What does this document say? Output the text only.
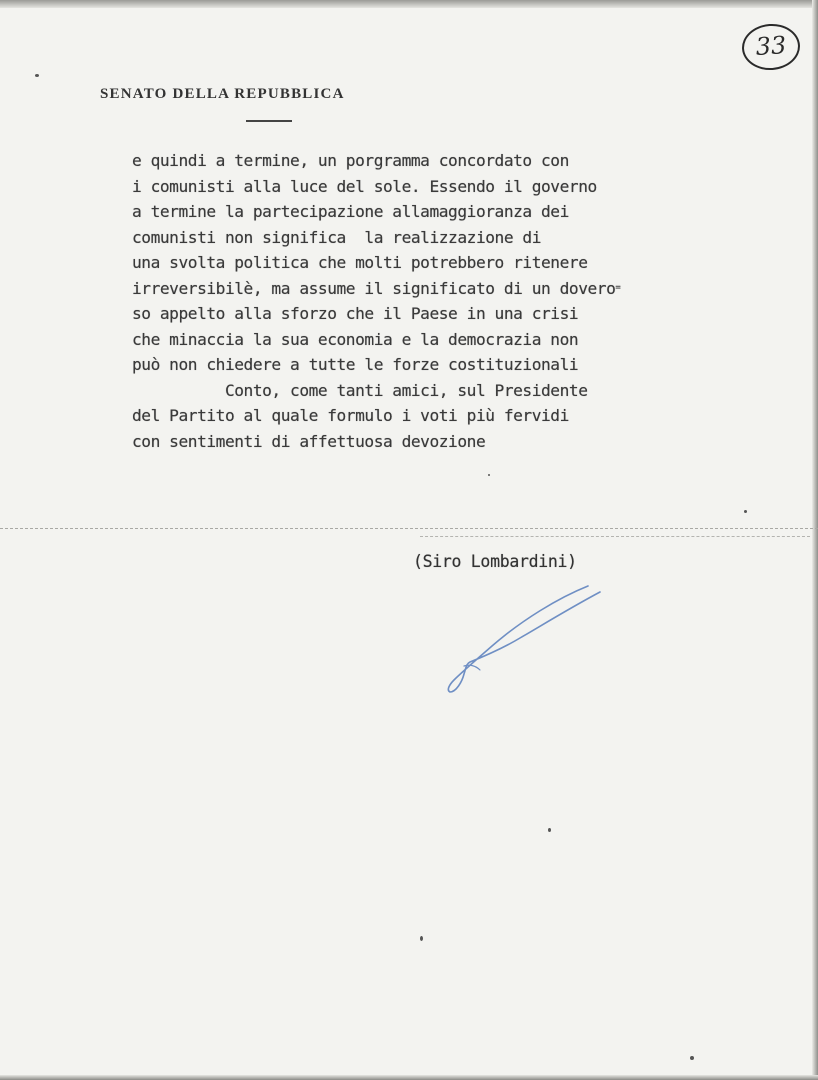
33
SENATO DELLA REPUBBLICA
e quindi a termine, un porgramma concordato con
i comunisti alla luce del sole. Essendo il governo
a termine la partecipazione allamaggioranza dei
comunisti non significa  la realizzazione di
una svolta politica che molti potrebbero ritenere
irreversibilè, ma assume il significato di un dovero=
so appelto alla sforzo che il Paese in una crisi
che minaccia la sua economia e la democrazia non
può non chiedere a tutte le forze costituzionali
Conto, come tanti amici, sul Presidente
del Partito al quale formulo i voti più fervidi
con sentimenti di affettuosa devozione
(Siro Lombardini)
